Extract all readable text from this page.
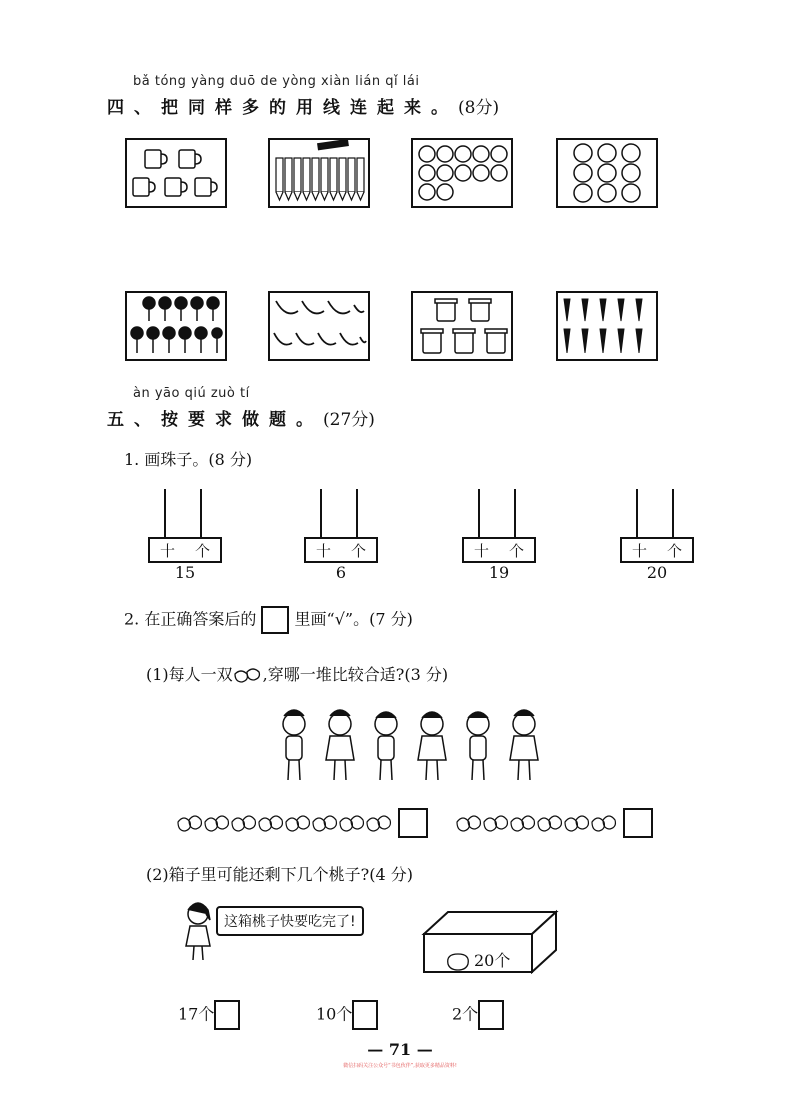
bǎ tóng yàng duō de yòng xiàn lián qǐ lái
四、把同样多的用线连起来。(8分)
àn yāo qiú zuò tí
五、按要求做题。(27分)
1. 画珠子。(8 分)
十 个
15
十 个
6
十 个
19
十 个
20
2. 在正确答案后的 里画“√”。(7 分)
(1)每人一双 ,穿哪一堆比较合适?(3 分)
(2)箱子里可能还剩下几个桃子?(4 分)
这箱桃子快要吃完了!
20个
17个	10个	2个
— 71 —
微信扫码关注公众号“书包伙伴”,获取更多精品资料!
